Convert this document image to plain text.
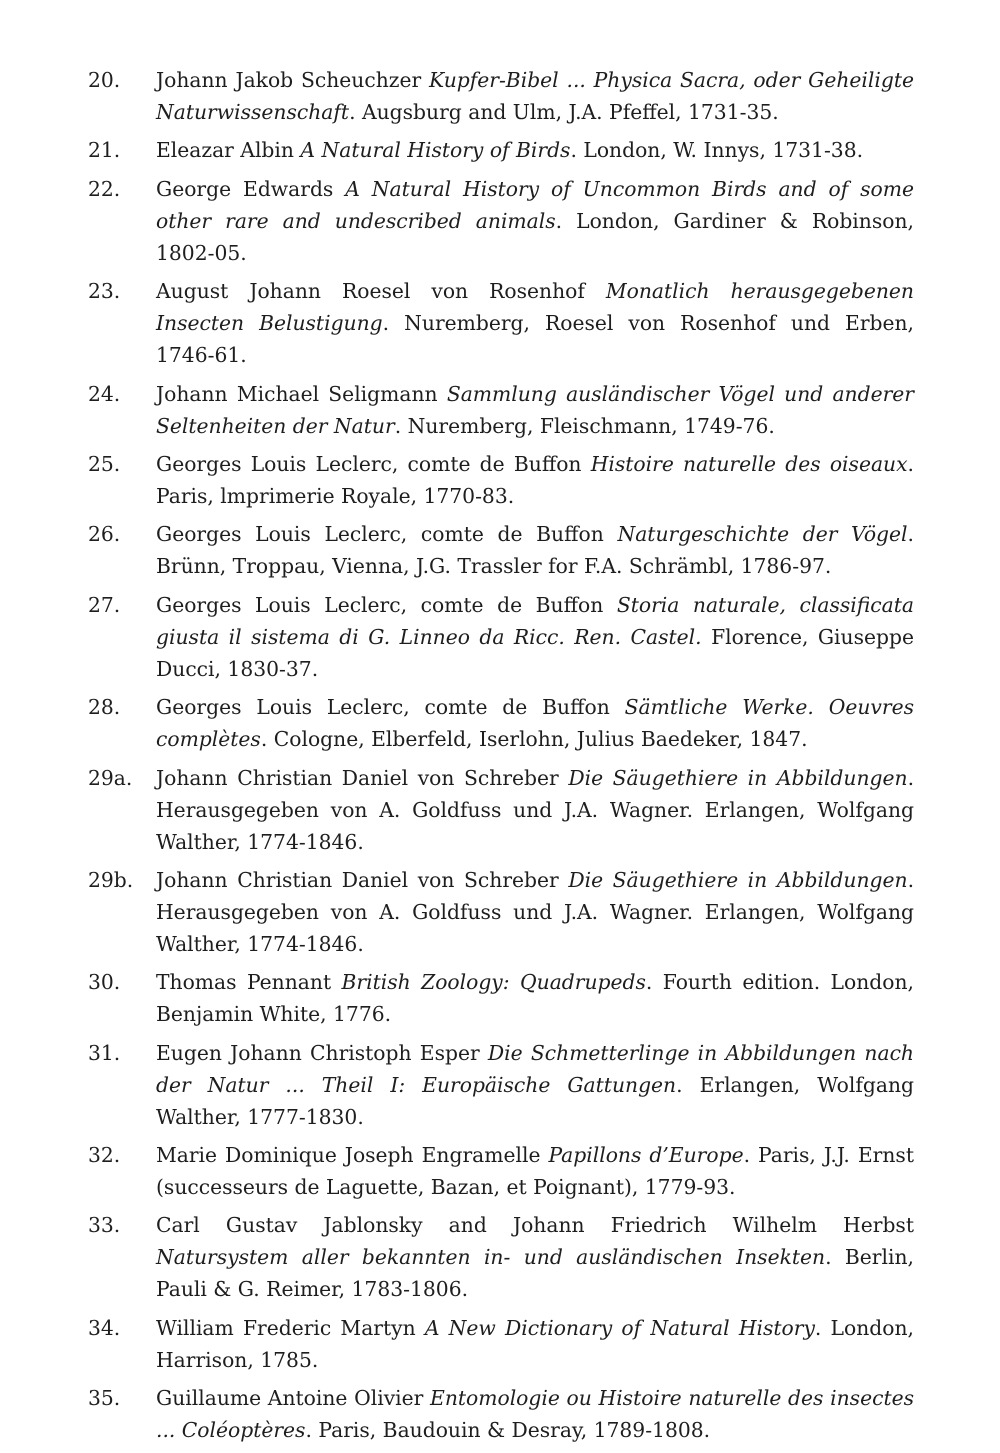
20.	Johann Jakob Scheuchzer Kupfer-Bibel ... Physica Sacra, oder Geheiligte Naturwissenschaft. Augsburg and Ulm, J.A. Pfeffel, 1731-35.
21.	Eleazar Albin A Natural History of Birds. London, W. Innys, 1731-38.
22.	George Edwards A Natural History of Uncommon Birds and of some other rare and undescribed animals. London, Gardiner & Robinson, 1802-05.
23.	August Johann Roesel von Rosenhof Monatlich herausgegebenen Insecten Belustigung. Nuremberg, Roesel von Rosenhof und Erben, 1746-61.
24.	Johann Michael Seligmann Sammlung ausländischer Vögel und anderer Seltenheiten der Natur. Nuremberg, Fleischmann, 1749-76.
25.	Georges Louis Leclerc, comte de Buffon Histoire naturelle des oiseaux. Paris, lmprimerie Royale, 1770-83.
26.	Georges Louis Leclerc, comte de Buffon Naturgeschichte der Vögel. Brünn, Troppau, Vienna, J.G. Trassler for F.A. Schrämbl, 1786-97.
27.	Georges Louis Leclerc, comte de Buffon Storia naturale, classificata giusta il sistema di G. Linneo da Ricc. Ren. Castel. Florence, Giuseppe Ducci, 1830-37.
28.	Georges Louis Leclerc, comte de Buffon Sämtliche Werke. Oeuvres complètes. Cologne, Elberfeld, Iserlohn, Julius Baedeker, 1847.
29a.	Johann Christian Daniel von Schreber Die Säugethiere in Abbildungen. Herausgegeben von A. Goldfuss und J.A. Wagner. Erlangen, Wolfgang Walther, 1774-1846.
29b.	Johann Christian Daniel von Schreber Die Säugethiere in Abbildungen. Herausgegeben von A. Goldfuss und J.A. Wagner. Erlangen, Wolfgang Walther, 1774-1846.
30.	Thomas Pennant British Zoology: Quadrupeds. Fourth edition. London, Benjamin White, 1776.
31.	Eugen Johann Christoph Esper Die Schmetterlinge in Abbildungen nach der Natur ... Theil I: Europäische Gattungen. Erlangen, Wolfgang Walther, 1777-1830.
32.	Marie Dominique Joseph Engramelle Papillons d’Europe. Paris, J.J. Ernst (successeurs de Laguette, Bazan, et Poignant), 1779-93.
33.	Carl Gustav Jablonsky and Johann Friedrich Wilhelm Herbst Natursystem aller bekannten in- und ausländischen Insekten. Berlin, Pauli & G. Reimer, 1783-1806.
34.	William Frederic Martyn A New Dictionary of Natural History. London, Harrison, 1785.
35.	Guillaume Antoine Olivier Entomologie ou Histoire naturelle des insectes ... Coléoptères. Paris, Baudouin & Desray, 1789-1808.
